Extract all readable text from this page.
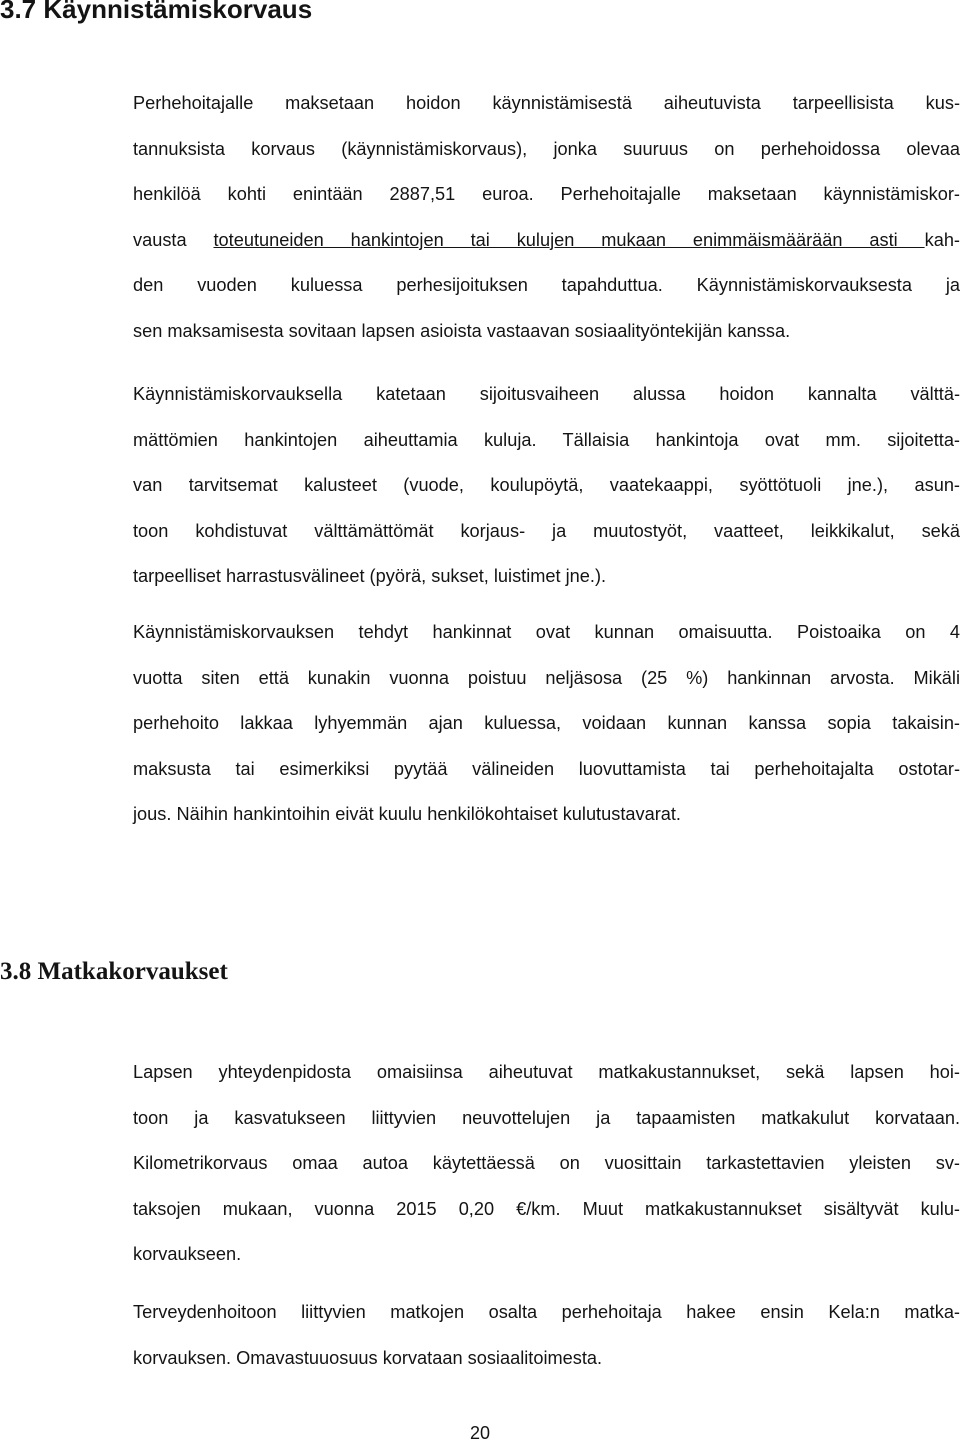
3.7 Käynnistämiskorvaus
Perhehoitajalle maksetaan hoidon käynnistämisestä aiheutuvista tarpeellisista kus-
tannuksista korvaus (käynnistämiskorvaus), jonka suuruus on perhehoidossa olevaa
henkilöä kohti enintään 2887,51 euroa. Perhehoitajalle maksetaan käynnistämiskor-
vausta toteutuneiden hankintojen tai kulujen mukaan enimmäismäärään asti kah-
den vuoden kuluessa perhesijoituksen tapahduttua. Käynnistämiskorvauksesta ja
sen maksamisesta sovitaan lapsen asioista vastaavan sosiaalityöntekijän kanssa.
Käynnistämiskorvauksella katetaan sijoitusvaiheen alussa hoidon kannalta välttä-
mättömien hankintojen aiheuttamia kuluja. Tällaisia hankintoja ovat mm. sijoitetta-
van tarvitsemat kalusteet (vuode, koulupöytä, vaatekaappi, syöttötuoli jne.), asun-
toon kohdistuvat välttämättömät korjaus- ja muutostyöt, vaatteet, leikkikalut, sekä
tarpeelliset harrastusvälineet (pyörä, sukset, luistimet jne.).
Käynnistämiskorvauksen tehdyt hankinnat ovat kunnan omaisuutta. Poistoaika on 4
vuotta siten että kunakin vuonna poistuu neljäsosa (25 %) hankinnan arvosta. Mikäli
perhehoito lakkaa lyhyemmän ajan kuluessa, voidaan kunnan kanssa sopia takaisin-
maksusta tai esimerkiksi pyytää välineiden luovuttamista tai perhehoitajalta ostotar-
jous. Näihin hankintoihin eivät kuulu henkilökohtaiset kulutustavarat.
3.8 Matkakorvaukset
Lapsen yhteydenpidosta omaisiinsa aiheutuvat matkakustannukset, sekä lapsen hoi-
toon ja kasvatukseen liittyvien neuvottelujen ja tapaamisten matkakulut korvataan.
Kilometrikorvaus omaa autoa käytettäessä on vuosittain tarkastettavien yleisten sv-
taksojen mukaan, vuonna 2015 0,20 €/km. Muut matkakustannukset sisältyvät kulu-
korvaukseen.
Terveydenhoitoon liittyvien matkojen osalta perhehoitaja hakee ensin Kela:n matka-
korvauksen. Omavastuuosuus korvataan sosiaalitoimesta.
20
